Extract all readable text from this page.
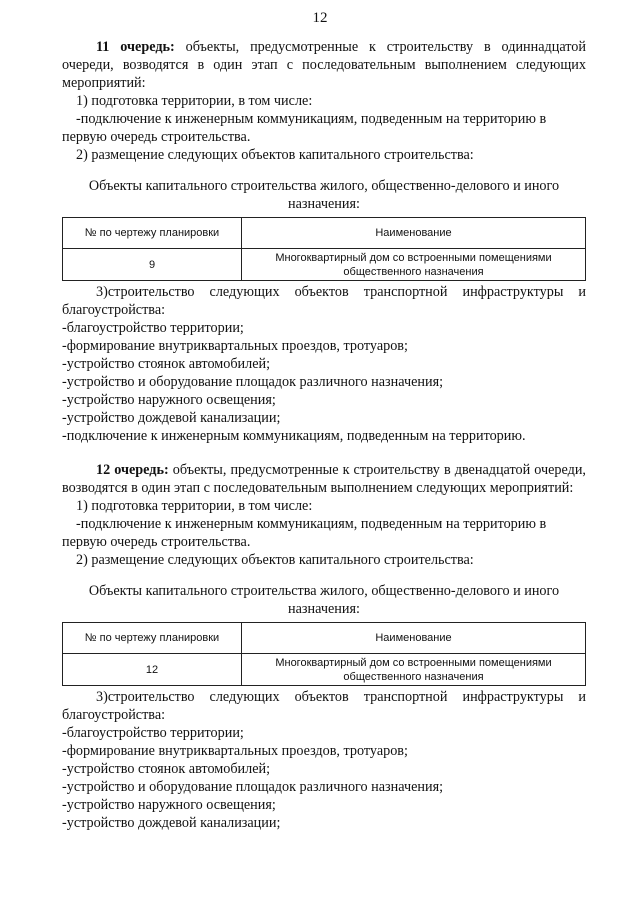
12

11 очередь: объекты, предусмотренные к строительству в одиннадцатой очереди, возводятся в один этап с последовательным выполнением следующих мероприятий:

1) подготовка территории, в том числе:

-подключение к инженерным коммуникациям, подведенным на территорию в первую очередь строительства.

2) размещение следующих объектов капитального строительства:

Объекты капитального строительства жилого, общественно-делового и иного назначения:

№ по чертежу планировки	Наименование
9	Многоквартирный дом со встроенными помещениями общественного назначения

3)строительство следующих объектов транспортной инфраструктуры и благоустройства:

-благоустройство территории;

-формирование внутриквартальных проездов, тротуаров;

-устройство стоянок автомобилей;

-устройство и оборудование площадок различного назначения;

-устройство наружного освещения;

-устройство дождевой канализации;

-подключение к инженерным коммуникациям, подведенным на территорию.

12 очередь: объекты, предусмотренные к строительству в двенадцатой очереди, возводятся в один этап с последовательным выполнением следующих мероприятий:

1) подготовка территории, в том числе:

-подключение к инженерным коммуникациям, подведенным на территорию в первую очередь строительства.

2) размещение следующих объектов капитального строительства:

Объекты капитального строительства жилого, общественно-делового и иного назначения:

№ по чертежу планировки	Наименование
12	Многоквартирный дом со встроенными помещениями общественного назначения

3)строительство следующих объектов транспортной инфраструктуры и благоустройства:

-благоустройство территории;

-формирование внутриквартальных проездов, тротуаров;

-устройство стоянок автомобилей;

-устройство и оборудование площадок различного назначения;

-устройство наружного освещения;

-устройство дождевой канализации;
